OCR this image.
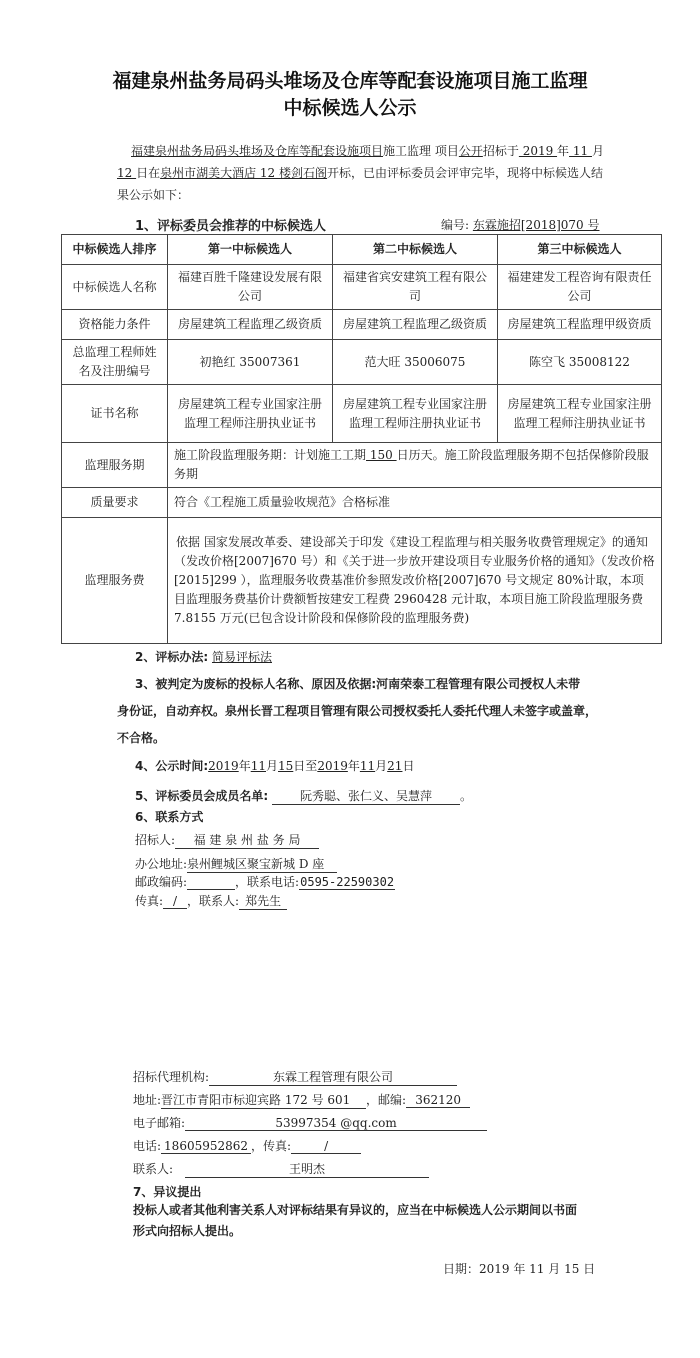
福建泉州盐务局码头堆场及仓库等配套设施项目施工监理
中标候选人公示
福建泉州盐务局码头堆场及仓库等配套设施项目施工监理 项目公开招标于 2019 年 11 月 12 日在泉州市湖美大酒店 12 楼剑石阁开标，已由评标委员会评审完毕，现将中标候选人结果公示如下：
1、评标委员会推荐的中标候选人	编号: 东霖施招[2018]070 号
中标候选人排序	第一中标候选人	第二中标候选人	第三中标候选人
中标候选人名称	福建百胜千隆建设发展有限公司	福建省宾安建筑工程有限公司	福建建发工程咨询有限责任公司
资格能力条件	房屋建筑工程监理乙级资质	房屋建筑工程监理乙级资质	房屋建筑工程监理甲级资质
总监理工程师姓名及注册编号	初艳红 35007361	范大旺 35006075	陈空飞 35008122
证书名称	房屋建筑工程专业国家注册监理工程师注册执业证书	房屋建筑工程专业国家注册监理工程师注册执业证书	房屋建筑工程专业国家注册监理工程师注册执业证书
监理服务期	施工阶段监理服务期：计划施工工期 150 日历天。施工阶段监理服务期不包括保修阶段服务期		
质量要求	符合《工程施工质量验收规范》合格标准		
监理服务费	依据 国家发展改革委、建设部关于印发《建设工程监理与相关服务收费管理规定》的通知（发改价格[2007]670 号）和《关于进一步放开建设项目专业服务价格的通知》（发改价格[2015]299 ），监理服务收费基准价参照发改价格[2007]670 号文规定 80%计取，本项目监理服务费基价计费额暂按建安工程费 2960428 元计取，本项目施工阶段监理服务费 7.8155 万元(已包含设计阶段和保修阶段的监理服务费)		
2、评标办法: 简易评标法
3、被判定为废标的投标人名称、原因及依据:河南荣泰工程管理有限公司授权人未带
身份证，自动弃权。泉州长晋工程项目管理有限公司授权委托人委托代理人未签字或盖章，
不合格。
4、公示时间:2019年11月15日至2019年11月21日
5、评标委员会成员名单:	阮秀聪、张仁义、吴慧萍 。
6、联系方式
招标人: 福 建 泉 州 盐 务 局
办公地址:泉州鲤城区聚宝新城 D 座
邮政编码:	，联系电话:0595-22590302
传真: / ，联系人: 郑先生
招标代理机构:	东霖工程管理有限公司
地址:晋江市青阳市标迎宾路 172 号 601 ，邮编: 362120
电子邮箱:	53997354 @qq.com
电话: 18605952862 ，传真:	/
联系人:	王明杰
7、异议提出
投标人或者其他利害关系人对评标结果有异议的，应当在中标候选人公示期间以书面
形式向招标人提出。
日期：2019 年 11 月 15 日
